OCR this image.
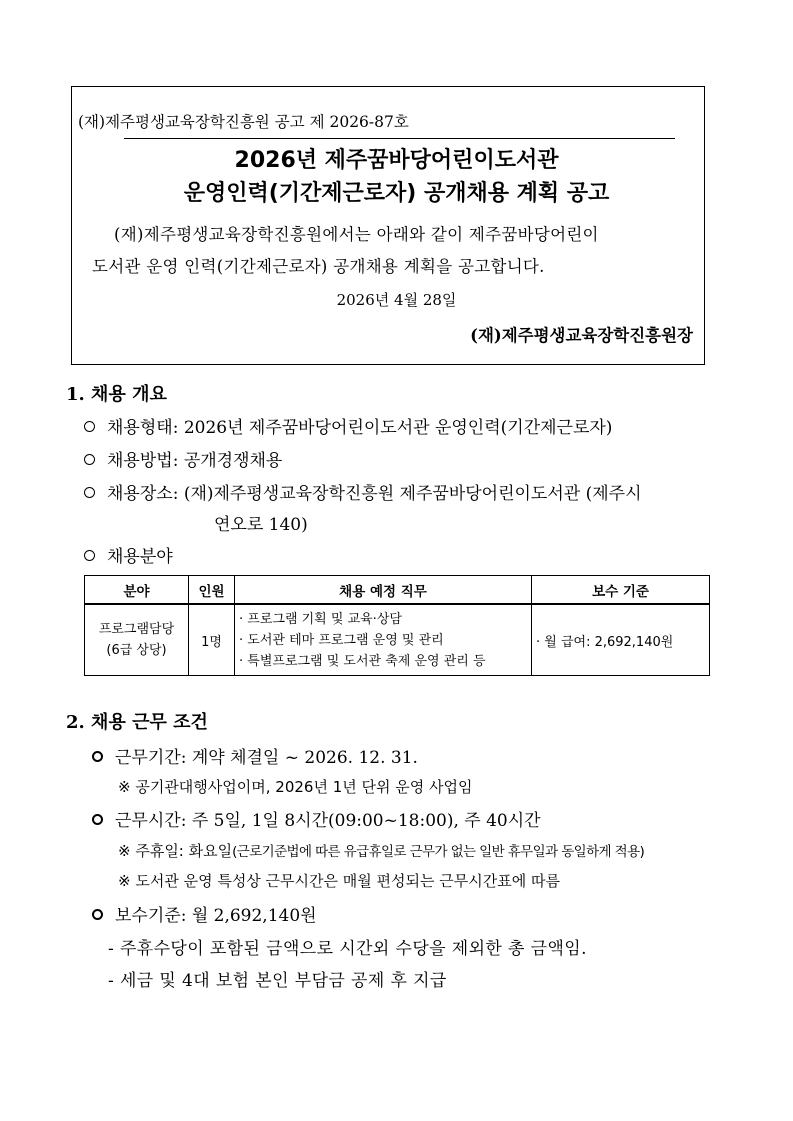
(재)제주평생교육장학진흥원 공고 제 2026-87호
2026년 제주꿈바당어린이도서관
운영인력(기간제근로자) 공개채용 계획 공고
(재)제주평생교육장학진흥원에서는 아래와 같이 제주꿈바당어린이
도서관 운영 인력(기간제근로자) 공개채용 계획을 공고합니다.
2026년 4월 28일
(재)제주평생교육장학진흥원장
1. 채용 개요
채용형태: 2026년 제주꿈바당어린이도서관 운영인력(기간제근로자)
채용방법: 공개경쟁채용
채용장소: (재)제주평생교육장학진흥원 제주꿈바당어린이도서관 (제주시
연오로 140)
채용분야
분야	인원	채용 예정 직무	보수 기준

프로그램담당
(6급 상당)	1명	· 프로그램 기획 및 교육·상담
· 도서관 테마 프로그램 운영 및 관리
· 특별프로그램 및 도서관 축제 운영 관리 등	· 월 급여: 2,692,140원
2. 채용 근무 조건
근무기간: 계약 체결일 ~ 2026. 12. 31.
※ 공기관대행사업이며, 2026년 1년 단위 운영 사업임
근무시간: 주 5일, 1일 8시간(09:00~18:00), 주 40시간
※ 주휴일: 화요일(근로기준법에 따른 유급휴일로 근무가 없는 일반 휴무일과 동일하게 적용)
※ 도서관 운영 특성상 근무시간은 매월 편성되는 근무시간표에 따름
보수기준: 월 2,692,140원
- 주휴수당이 포함된 금액으로 시간외 수당을 제외한 총 금액임.
- 세금 및 4대 보험 본인 부담금 공제 후 지급
